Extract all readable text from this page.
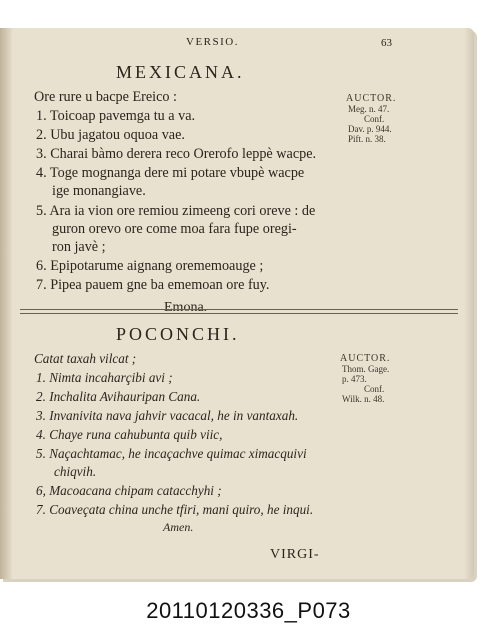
VERSIO.	63
MEXICANA.
Ore rure u bacpe Ereico :
1. Toicoap pavemga tu a va.
2. Ubu jagatou oquoa vae.
3. Charai bàmo derera reco Orerofo leppè wacpe.
4. Toge mognanga dere mi potare vbupè wacpe
ige monangiave.
5. Ara ia vion ore remiou zimeeng cori oreve : de
guron orevo ore come moa fara fupe oregi-
ron javè ;
6. Epipotarume aignang orememoauge ;
7. Pipea pauem gne ba ememoan ore fuy.
Emona.
AUCTOR.
Meg. n. 47.
Conf.
Dav. p. 944.
Pift. n. 38.
POCONCHI.
Catat taxah vilcat ;
1. Nimta incaharçibi avi ;
2. Inchalita Avihauripan Cana.
3. Invanivita nava jahvir vacacal, he in vantaxah.
4. Chaye runa cahubunta quib viic,
5. Naçachtamac, he incaçachve quimac ximacquivi
chiqvih.
6, Macoacana chipam catacchyhi ;
7. Coaveçata china unche tfiri, mani quiro, he inqui.
Amen.
AUCTOR.
Thom. Gage.
p. 473.
Conf.
Wilk. n. 48.
VIRGI-
20110120336_P073
